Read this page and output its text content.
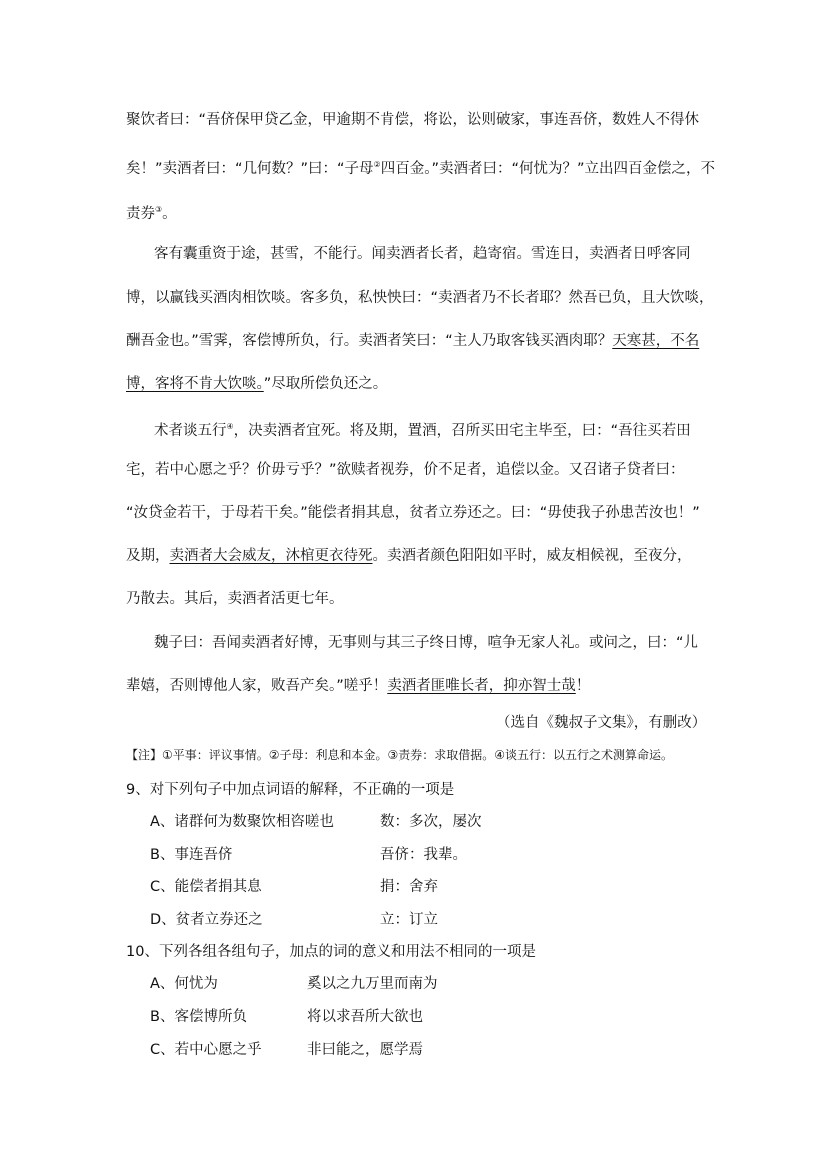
聚饮者曰：“吾侪保甲贷乙金，甲逾期不肯偿，将讼，讼则破家，事连吾侪，数姓人不得休
矣！”卖酒者曰：“几何数？”曰：“子母②四百金。”卖酒者曰：“何忧为？”立出四百金偿之，不
责券③。
客有囊重资于途，甚雪，不能行。闻卖酒者长者，趋寄宿。雪连日，卖酒者日呼客同
博，以赢钱买酒肉相饮啖。客多负，私怏怏曰：“卖酒者乃不长者耶？然吾已负，且大饮啖，
酬吾金也。”雪霁，客偿博所负，行。卖酒者笑曰：“主人乃取客钱买酒肉耶？天寒甚，不名
博，客将不肯大饮啖。”尽取所偿负还之。
术者谈五行④，决卖酒者宜死。将及期，置酒，召所买田宅主毕至，曰：“吾往买若田
宅，若中心愿之乎？价毋亏乎？”欲赎者视券，价不足者，追偿以金。又召诸子贷者曰：
“汝贷金若干，于母若干矣。”能偿者捐其息，贫者立券还之。曰：“毋使我子孙患苦汝也！”
及期，卖酒者大会威友，沐棺更衣待死。卖酒者颜色阳阳如平时，威友相候视，至夜分，
乃散去。其后，卖酒者活更七年。
魏子曰：吾闻卖酒者好博，无事则与其三子终日博，喧争无家人礼。或问之，曰：“儿
辈嬉，否则博他人家，败吾产矣。”嗟乎！卖酒者匪唯长者，抑亦智士哉！
（选自《魏叔子文集》，有删改）
【注】①平事：评议事情。②子母：利息和本金。③责券：求取借据。④谈五行：以五行之术测算命运。
9、对下列句子中加点词语的解释，不正确的一项是
A、诸群何为数聚饮相咨嗟也	数：多次，屡次
B、事连吾侪	吾侪：我辈。
C、能偿者捐其息	捐：舍弃
D、贫者立券还之	立：订立
10、下列各组各组句子，加点的词的意义和用法不相同的一项是
A、何忧为	奚以之九万里而南为
B、客偿博所负	将以求吾所大欲也
C、若中心愿之乎	非曰能之，愿学焉
